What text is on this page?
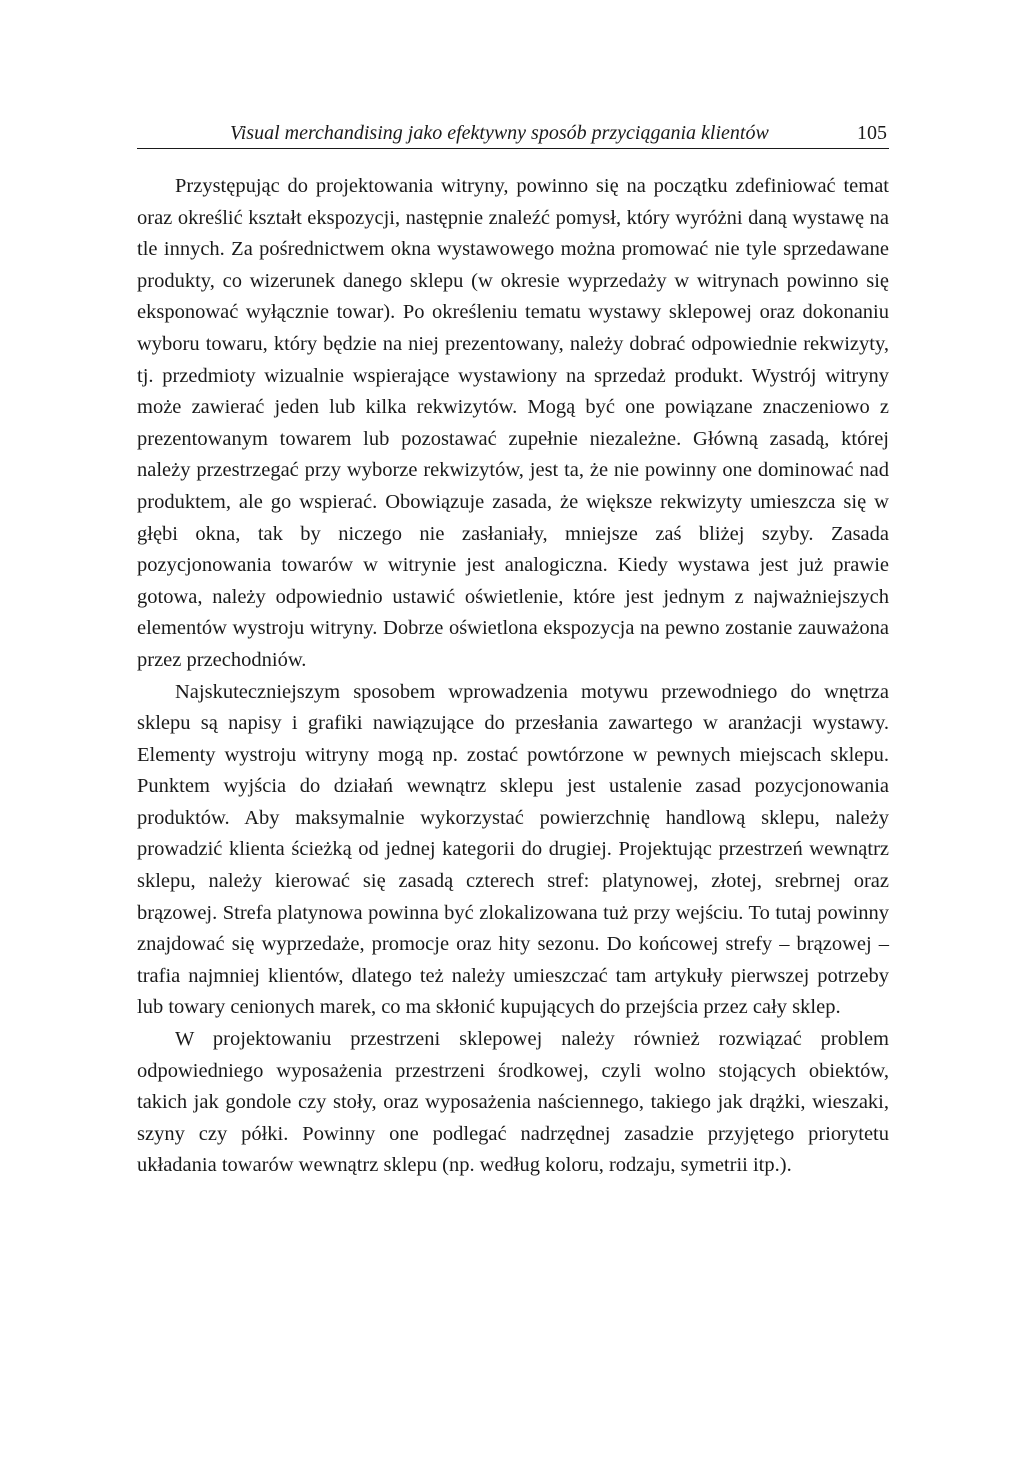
Visual merchandising jako efektywny sposób przyciągania klientów	105

Przystępując do projektowania witryny, powinno się na początku zdefiniować temat oraz określić kształt ekspozycji, następnie znaleźć pomysł, który wyróżni daną wystawę na tle innych. Za pośrednictwem okna wystawowego można promować nie tyle sprzedawane produkty, co wizerunek danego sklepu (w okresie wyprzedaży w witrynach powinno się eksponować wyłącznie towar). Po określeniu tematu wystawy sklepowej oraz dokonaniu wyboru towaru, który będzie na niej prezentowany, należy dobrać odpowiednie rekwizyty, tj. przedmioty wizualnie wspierające wystawiony na sprzedaż produkt. Wystrój witryny może zawierać jeden lub kilka rekwizytów. Mogą być one powiązane znaczeniowo z prezentowanym towarem lub pozostawać zupełnie niezależne. Główną zasadą, której należy przestrzegać przy wyborze rekwizytów, jest ta, że nie powinny one dominować nad produktem, ale go wspierać. Obowiązuje zasada, że większe rekwizyty umieszcza się w głębi okna, tak by niczego nie zasłaniały, mniejsze zaś bliżej szyby. Zasada pozycjonowania towarów w witrynie jest analogiczna. Kiedy wystawa jest już prawie gotowa, należy odpowiednio ustawić oświetlenie, które jest jednym z najważniejszych elementów wystroju witryny. Dobrze oświetlona ekspozycja na pewno zostanie zauważona przez przechodniów.

Najskuteczniejszym sposobem wprowadzenia motywu przewodniego do wnętrza sklepu są napisy i grafiki nawiązujące do przesłania zawartego w aranżacji wystawy. Elementy wystroju witryny mogą np. zostać powtórzone w pewnych miejscach sklepu. Punktem wyjścia do działań wewnątrz sklepu jest ustalenie zasad pozycjonowania produktów. Aby maksymalnie wykorzystać powierzchnię handlową sklepu, należy prowadzić klienta ścieżką od jednej kategorii do drugiej. Projektując przestrzeń wewnątrz sklepu, należy kierować się zasadą czterech stref: platynowej, złotej, srebrnej oraz brązowej. Strefa platynowa powinna być zlokalizowana tuż przy wejściu. To tutaj powinny znajdować się wyprzedaże, promocje oraz hity sezonu. Do końcowej strefy – brązowej – trafia najmniej klientów, dlatego też należy umieszczać tam artykuły pierwszej potrzeby lub towary cenionych marek, co ma skłonić kupujących do przejścia przez cały sklep.

W projektowaniu przestrzeni sklepowej należy również rozwiązać problem odpowiedniego wyposażenia przestrzeni środkowej, czyli wolno stojących obiektów, takich jak gondole czy stoły, oraz wyposażenia naściennego, takiego jak drążki, wieszaki, szyny czy półki. Powinny one podlegać nadrzędnej zasadzie przyjętego priorytetu układania towarów wewnątrz sklepu (np. według koloru, rodzaju, symetrii itp.).
